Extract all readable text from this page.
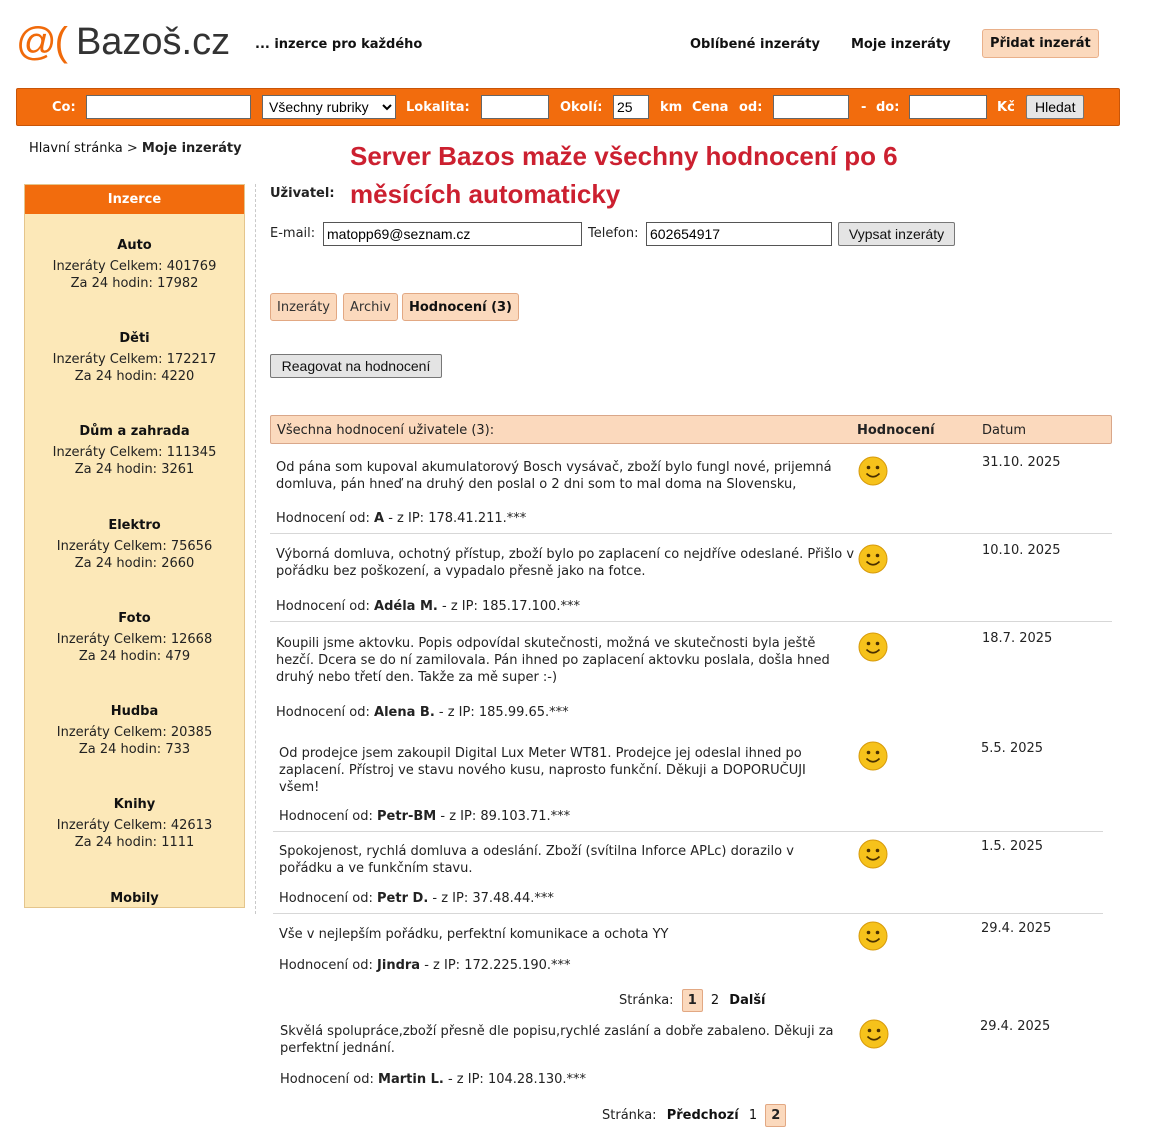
@( Bazoš.cz ... inzerce pro každého	Oblíbené inzeráty Moje inzeráty	Přidat inzerát
Co:
Všechny rubriky	Lokalita:	Okolí:
25	km Cena od:	- do:	Kč	Hledat
Hlavní stránka > Moje inzeráty	Server Bazos maže všechny hodnocení po 6 měsících automaticky
Inzerce
Auto
Inzeráty Celkem: 401769
Za 24 hodin: 17982
Děti
Inzeráty Celkem: 172217
Za 24 hodin: 4220
Dům a zahrada
Inzeráty Celkem: 111345
Za 24 hodin: 3261
Elektro
Inzeráty Celkem: 75656
Za 24 hodin: 2660
Foto
Inzeráty Celkem: 12668
Za 24 hodin: 479
Hudba
Inzeráty Celkem: 20385
Za 24 hodin: 733
Knihy
Inzeráty Celkem: 42613
Za 24 hodin: 1111
Mobily
Uživatel:
E-mail:
matopp69@seznam.cz	Telefon:
602654917	Vypsat inzeráty
Inzeráty	Archiv	Hodnocení (3)
Reagovat na hodnocení
Všechna hodnocení uživatele (3):	Hodnocení	Datum
Od pána som kupoval akumulatorový Bosch vysávač, zboží bylo fungl nové, prijemná domluva, pán hneď na druhý den poslal o 2 dni som to mal doma na Slovensku,
Hodnocení od: A - z IP: 178.41.211.***
31.10. 2025
Výborná domluva, ochotný přístup, zboží bylo po zaplacení co nejdříve odeslané. Přišlo v pořádku bez poškození, a vypadalo přesně jako na fotce.
Hodnocení od: Adéla M. - z IP: 185.17.100.***
10.10. 2025
Koupili jsme aktovku. Popis odpovídal skutečnosti, možná ve skutečnosti byla ještě hezčí. Dcera se do ní zamilovala. Pán ihned po zaplacení aktovku poslala, došla hned druhý nebo třetí den. Takže za mě super :-)
Hodnocení od: Alena B. - z IP: 185.99.65.***
18.7. 2025
Od prodejce jsem zakoupil Digital Lux Meter WT81. Prodejce jej odeslal ihned po zaplacení. Přístroj ve stavu nového kusu, naprosto funkční. Děkuji a DOPORUČUJI všem!
Hodnocení od: Petr-BM - z IP: 89.103.71.***
5.5. 2025
Spokojenost, rychlá domluva a odeslání. Zboží (svítilna Inforce APLc) dorazilo v pořádku a ve funkčním stavu.
Hodnocení od: Petr D. - z IP: 37.48.44.***
1.5. 2025
Vše v nejlepším pořádku, perfektní komunikace a ochota YY
Hodnocení od: Jindra - z IP: 172.225.190.***
29.4. 2025
Stránka: 1 2 Další
Skvělá spolupráce,zboží přesně dle popisu,rychlé zaslání a dobře zabaleno. Děkuji za perfektní jednání.
Hodnocení od: Martin L. - z IP: 104.28.130.***
29.4. 2025
Stránka: Předchozí 1 2
